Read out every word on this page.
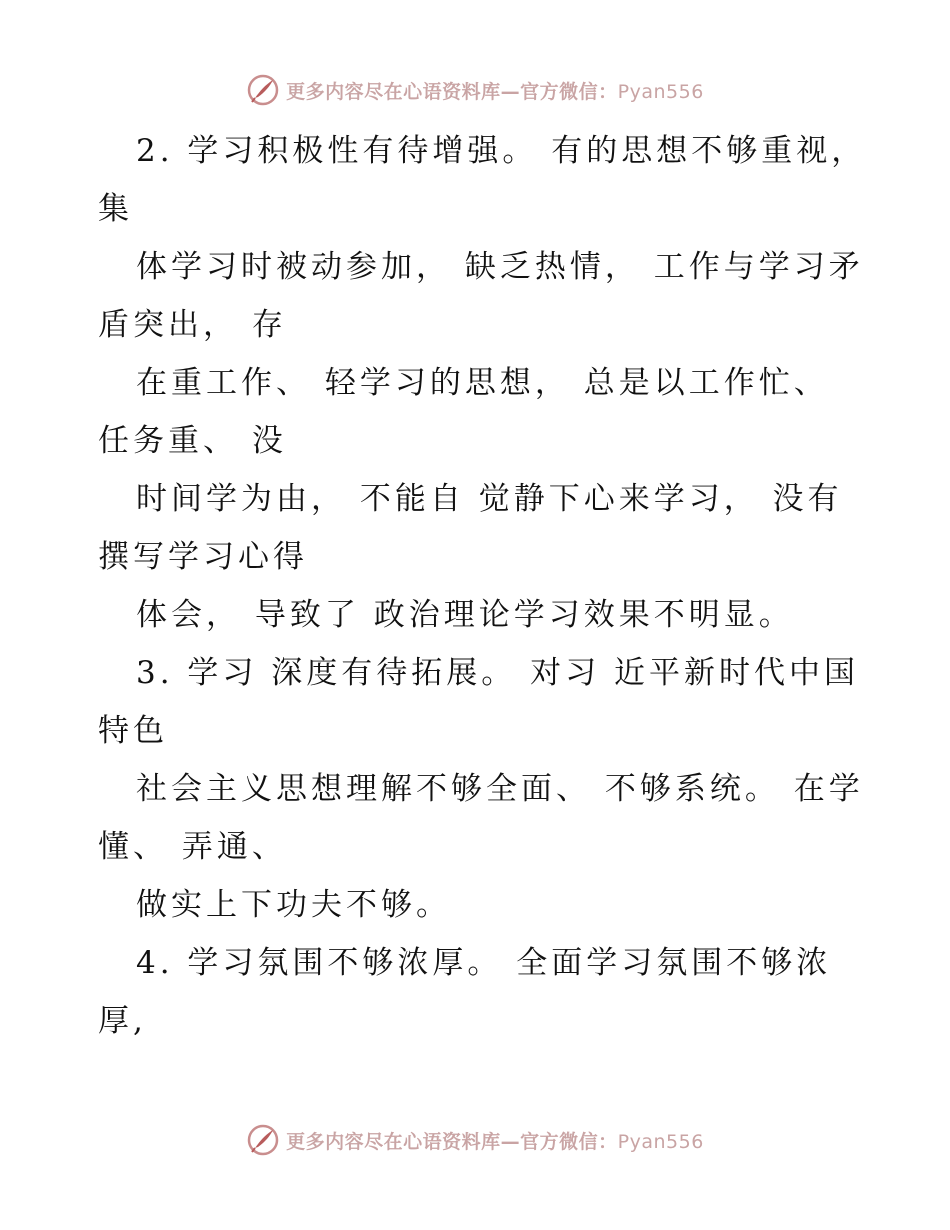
更多内容尽在心语资料库—官方微信：Pyan556
2. 学习积极性有待增强。 有的思想不够重视，
集
体学习时被动参加， 缺乏热情， 工作与学习矛
盾突出， 存
在重工作、 轻学习的思想， 总是以工作忙、
任务重、 没
时间学为由， 不能自 觉静下心来学习， 没有
撰写学习心得
体会， 导致了 政治理论学习效果不明显。
3. 学习 深度有待拓展。 对习 近平新时代中国
特色
社会主义思想理解不够全面、 不够系统。 在学
懂、 弄通、
做实上下功夫不够。
4. 学习氛围不够浓厚。 全面学习氛围不够浓
厚,
更多内容尽在心语资料库—官方微信：Pyan556
